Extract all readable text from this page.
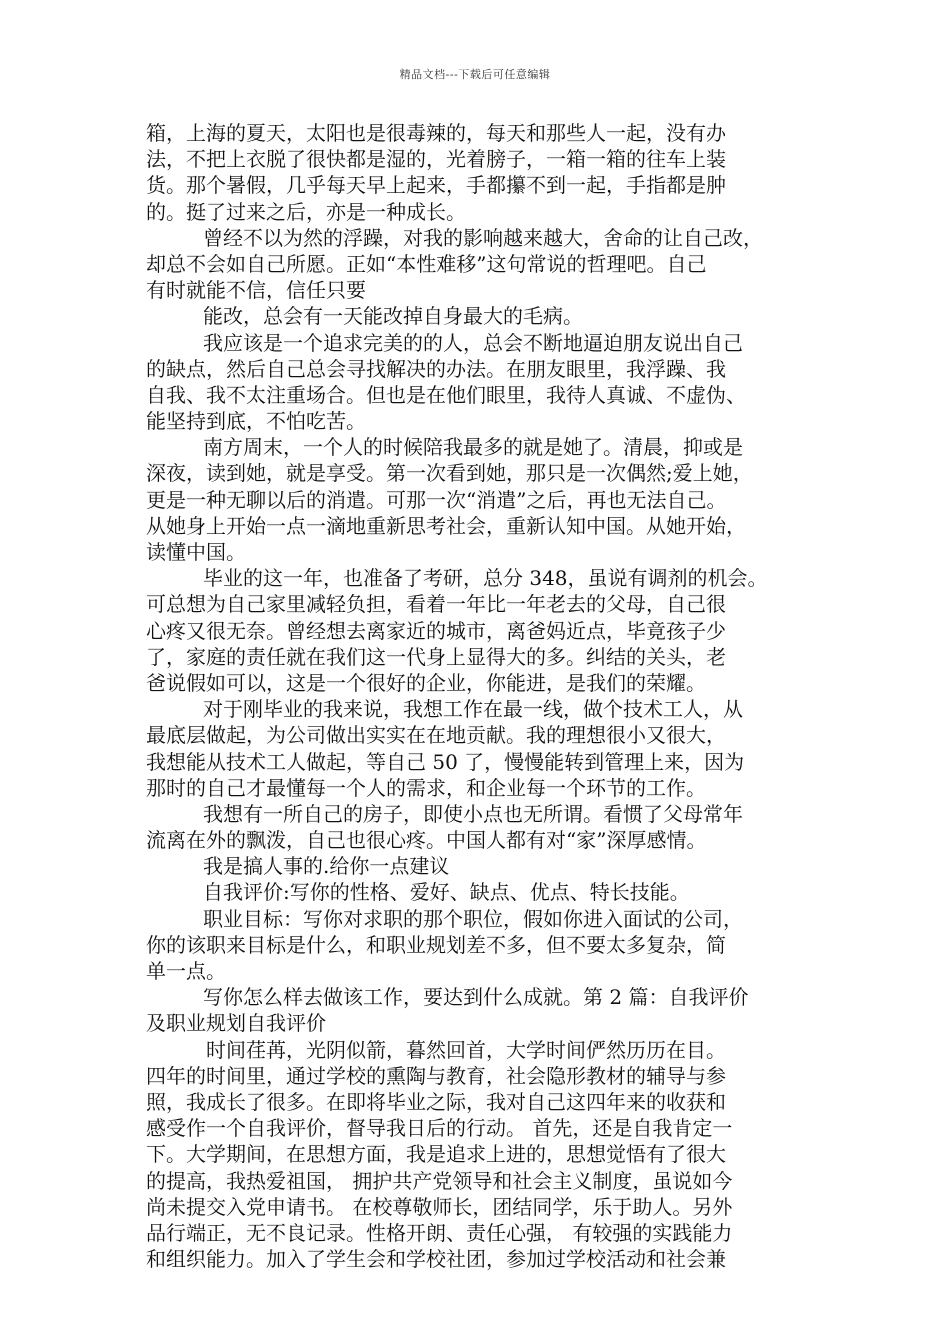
精品文档---下载后可任意编辑
箱，上海的夏天，太阳也是很毒辣的，每天和那些人一起，没有办
法，不把上衣脱了很快都是湿的，光着膀子，一箱一箱的往车上装
货。那个暑假，几乎每天早上起来，手都攥不到一起，手指都是肿
的。挺了过来之后，亦是一种成长。
曾经不以为然的浮躁，对我的影响越来越大，舍命的让自己改，
却总不会如自己所愿。正如“本性难移”这句常说的哲理吧。自己
有时就能不信，信任只要
能改，总会有一天能改掉自身最大的毛病。
我应该是一个追求完美的的人，总会不断地逼迫朋友说出自己
的缺点，然后自己总会寻找解决的办法。在朋友眼里，我浮躁、我
自我、我不太注重场合。但也是在他们眼里，我待人真诚、不虚伪、
能坚持到底，不怕吃苦。
南方周末，一个人的时候陪我最多的就是她了。清晨，抑或是
深夜，读到她，就是享受。第一次看到她，那只是一次偶然;爱上她，
更是一种无聊以后的消遣。可那一次“消遣”之后，再也无法自己。
从她身上开始一点一滴地重新思考社会，重新认知中国。从她开始，
读懂中国。
毕业的这一年，也准备了考研，总分 348，虽说有调剂的机会。
可总想为自己家里减轻负担，看着一年比一年老去的父母，自己很
心疼又很无奈。曾经想去离家近的城市，离爸妈近点，毕竟孩子少
了，家庭的责任就在我们这一代身上显得大的多。纠结的关头，老
爸说假如可以，这是一个很好的企业，你能进，是我们的荣耀。
对于刚毕业的我来说，我想工作在最一线，做个技术工人，从
最底层做起，为公司做出实实在在地贡献。我的理想很小又很大，
我想能从技术工人做起，等自己 50 了，慢慢能转到管理上来，因为
那时的自己才最懂每一个人的需求，和企业每一个环节的工作。
我想有一所自己的房子，即使小点也无所谓。看惯了父母常年
流离在外的飘泼，自己也很心疼。中国人都有对“家”深厚感情。
我是搞人事的.给你一点建议
自我评价:写你的性格、爱好、缺点、优点、特长技能。
职业目标：写你对求职的那个职位，假如你进入面试的公司，
你的该职来目标是什么，和职业规划差不多，但不要太多复杂，简
单一点。
写你怎么样去做该工作，要达到什么成就。第 2 篇：自我评价
及职业规划自我评价
时间荏苒，光阴似箭，暮然回首，大学时间俨然历历在目。
四年的时间里，通过学校的熏陶与教育，社会隐形教材的辅导与参
照，我成长了很多。在即将毕业之际，我对自己这四年来的收获和
感受作一个自我评价，督导我日后的行动。 首先，还是自我肯定一
下。大学期间，在思想方面，我是追求上进的，思想觉悟有了很大
的提高，我热爱祖国， 拥护共产党领导和社会主义制度，虽说如今
尚未提交入党申请书。 在校尊敬师长，团结同学，乐于助人。另外
品行端正，无不良记录。性格开朗、责任心强， 有较强的实践能力
和组织能力。加入了学生会和学校社团，参加过学校活动和社会兼
